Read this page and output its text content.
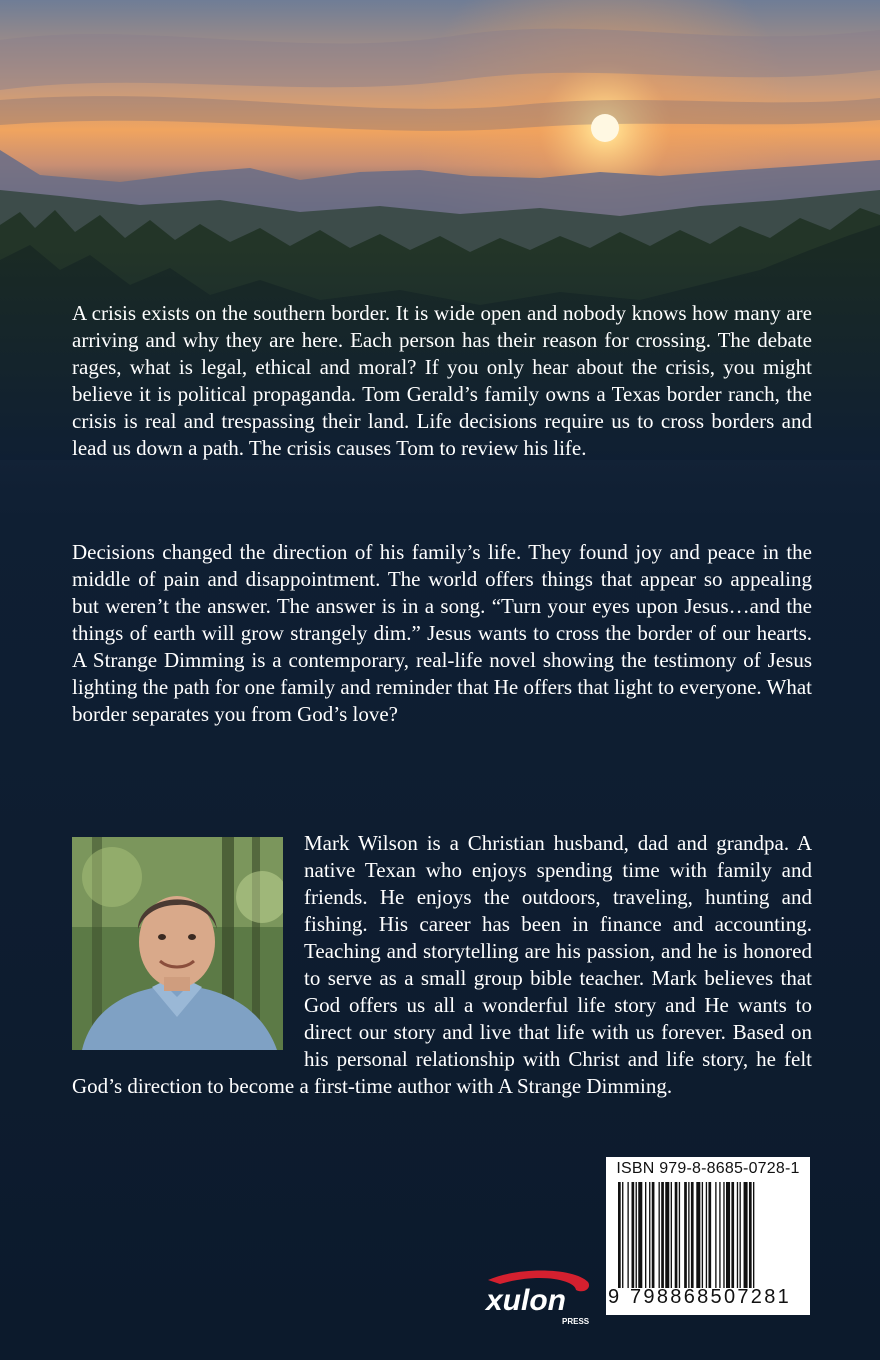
A crisis exists on the southern border. It is wide open and nobody knows how many are arriving and why they are here. Each person has their reason for crossing. The debate rages, what is legal, ethical and moral? If you only hear about the crisis, you might believe it is political propaganda. Tom Gerald’s family owns a Texas border ranch, the crisis is real and trespassing their land. Life decisions require us to cross borders and lead us down a path. The crisis causes Tom to review his life.

Decisions changed the direction of his family’s life. They found joy and peace in the middle of pain and disappointment. The world offers things that appear so appealing but weren’t the answer. The answer is in a song. “Turn your eyes upon Jesus…and the things of earth will grow strangely dim.” Jesus wants to cross the border of our hearts. A Strange Dimming is a contemporary, real-life novel showing the testimony of Jesus lighting the path for one family and reminder that He offers that light to everyone. What border separates you from God’s love?

Mark Wilson is a Christian husband, dad and grandpa. A native Texan who enjoys spending time with family and friends. He enjoys the outdoors, traveling, hunting and fishing. His career has been in finance and accounting. Teaching and storytelling are his passion, and he is honored to serve as a small group bible teacher. Mark believes that God offers us all a wonderful life story and He wants to direct our story and live that life with us forever. Based on his personal relationship with Christ and life story, he felt God’s direction to become a first-time author with A Strange Dimming.
xulon
PRESS
ISBN 979-8-8685-0728-1
9 798868507281
